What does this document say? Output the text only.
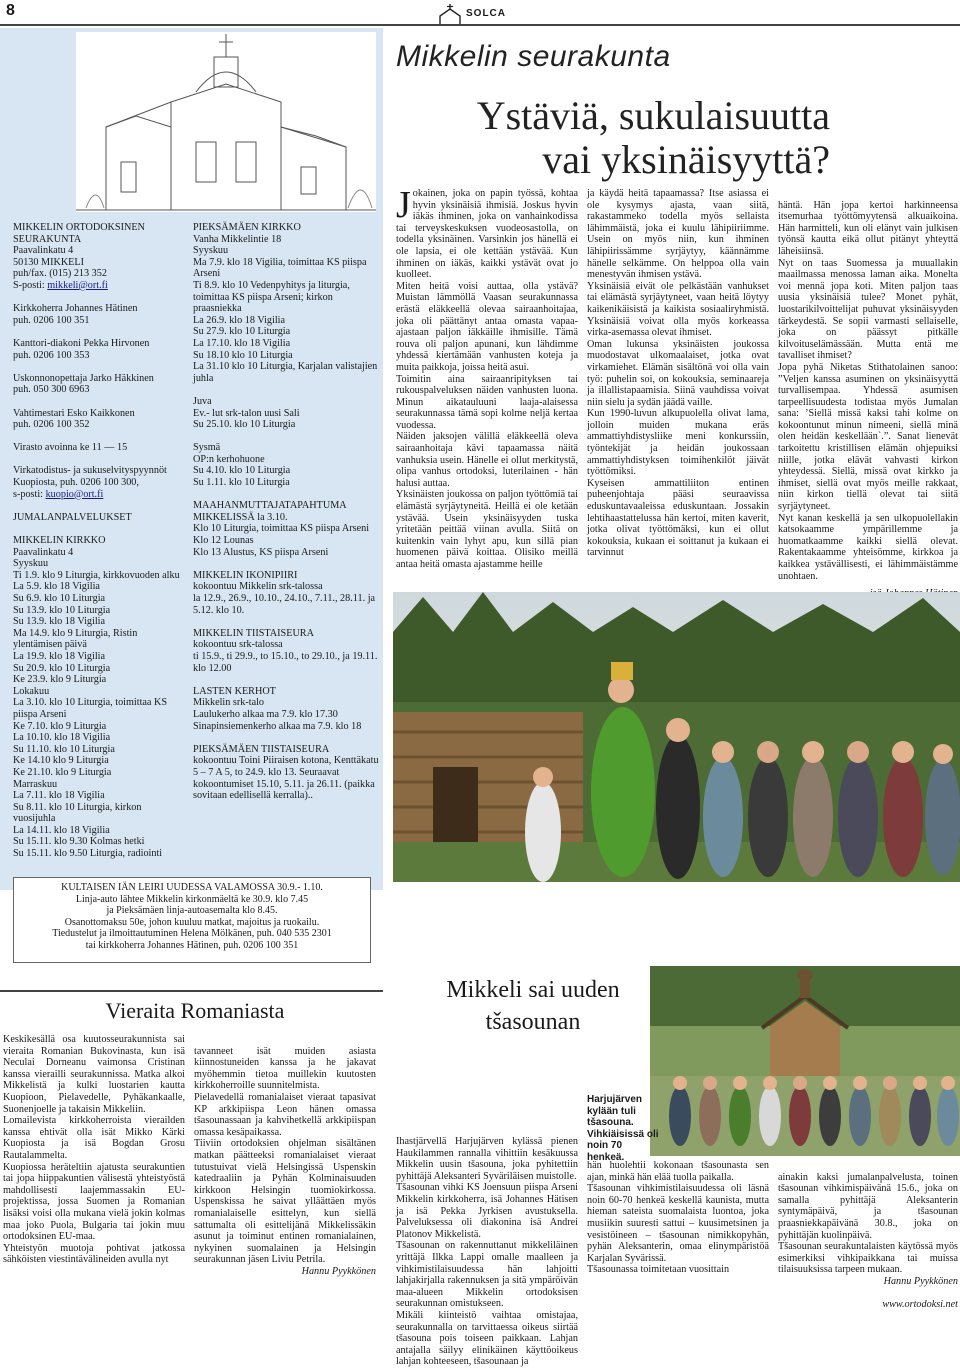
8	SOLCA
MIKKELIN ORTODOKSINEN SEURAKUNTA
Paavalinkatu 4
50130 MIKKELI
puh/fax. (015) 213 352
S-posti: mikkeli@ort.fi
Kirkkoherra Johannes Hätinen
puh. 0206 100 351
Kanttori-diakoni Pekka Hirvonen
puh. 0206 100 353
Uskonnonopettaja Jarko Häkkinen
puh. 050 300 6963
Vahtimestari Esko Kaikkonen
puh. 0206 100 352
Virasto avoinna ke 11 — 15
Virkatodistus- ja sukuselvityspyynnöt Kuopiosta, puh. 0206 100 300,
s-posti: kuopio@ort.fi
JUMALANPALVELUKSET
MIKKELIN KIRKKO
Paavalinkatu 4
Syyskuu
Ti 1.9. klo 9 Liturgia, kirkkovuoden alku
La 5.9. klo 18 Vigilia
Su 6.9. klo 10 Liturgia
Su 13.9. klo 10 Liturgia
Su 13.9. klo 18 Vigilia
Ma 14.9. klo 9 Liturgia, Ristin ylentämisen päivä
La 19.9. klo 18 Vigilia
Su 20.9. klo 10 Liturgia
Ke 23.9. klo 9 Liturgia
Lokakuu
La 3.10. klo 10 Liturgia, toimittaa KS piispa Arseni
Ke 7.10. klo 9 Liturgia
La 10.10. klo 18 Vigilia
Su 11.10. klo 10 Liturgia
Ke 14.10 klo 9 Liturgia
Ke 21.10. klo 9 Liturgia
Marraskuu
La 7.11. klo 18 Vigilia
Su 8.11. klo 10 Liturgia, kirkon vuosijuhla
La 14.11. klo 18 Vigilia
Su 15.11. klo 9.30 Kolmas hetki
Su 15.11. klo 9.50 Liturgia, radiointi
PIEKSÄMÄEN KIRKKO
Vanha Mikkelintie 18
Syyskuu
Ma 7.9. klo 18 Vigilia, toimittaa KS piispa Arseni
Ti 8.9. klo 10 Vedenpyhitys ja liturgia, toimittaa KS piispa Arseni; kirkon praasniekka
La 26.9. klo 18 Vigilia
Su 27.9. klo 10 Liturgia
La 17.10. klo 18 Vigilia
Su 18.10 klo 10 Liturgia
La 31.10 klo 10 Liturgia, Karjalan valistajien juhla
Juva
Ev.- lut srk-talon uusi Sali
Su 25.10. klo 10 Liturgia
Sysmä
OP:n kerhohuone
Su 4.10. klo 10 Liturgia
Su 1.11. klo 10 Liturgia
MAAHANMUTTAJATAPAHTUMA MIKKELISSÄ la 3.10.
Klo 10 Liturgia, toimittaa KS piispa Arseni
Klo 12 Lounas
Klo 13 Alustus, KS piispa Arseni
MIKKELIN IKONIPIIRI
kokoontuu Mikkelin srk-talossa
la 12.9., 26.9., 10.10., 24.10., 7.11., 28.11. ja 5.12. klo 10.
MIKKELIN TIISTAISEURA
kokoontuu srk-talossa
ti 15.9., ti 29.9., to 15.10., to 29.10., ja 19.11. klo 12.00
LASTEN KERHOT
Mikkelin srk-talo
Laulukerho alkaa ma 7.9. klo 17.30
Sinapinsiemenkerho alkaa ma 7.9. klo 18
PIEKSÄMÄEN TIISTAISEURA
kokoontuu Toini Piiraisen kotona, Kenttäkatu 5 – 7 A 5, to 24.9. klo 13. Seuraavat kokoontumiset 15.10, 5.11. ja 26.11. (paikka sovitaan edellisellä kerralla)..
KULTAISEN IÄN LEIRI UUDESSA VALAMOSSA 30.9.- 1.10.
Linja-auto lähtee Mikkelin kirkonmäeltä ke 30.9. klo 7.45
ja Pieksämäen linja-autoasemalta klo 8.45.
Osanottomaksu 50e, johon kuuluu matkat, majoitus ja ruokailu.
Tiedustelut ja ilmoittautuminen Helena Mölkänen, puh. 040 535 2301
tai kirkkoherra Johannes Hätinen, puh. 0206 100 351
Mikkelin seurakunta
Ystäviä, sukulaisuutta vai yksinäisyyttä?
Jokainen, joka on papin työssä, kohtaa hyvin yksinäisiä ihmisiä. Joskus hyvin iäkäs ihminen, joka on vanhainkodissa tai terveyskeskuksen vuodeosastolla, on todella yksinäinen. Varsinkin jos hänellä ei ole lapsia, ei ole kettään ystävää. Kun ihminen on iäkäs, kaikki ystävät ovat jo kuolleet.
Miten heitä voisi auttaa, olla ystävä? Muistan lämmöllä Vaasan seurakunnassa erästä eläkkeellä olevaa sairaanhoitajaa, joka oli päättänyt antaa omasta vapaa-ajastaan paljon iäkkäille ihmisille. Tämä rouva oli paljon apunani, kun lähdimme yhdessä kiertämään vanhusten koteja ja muita paikkoja, joissa heitä asui.
Toimitin aina sairaanripityksen tai rukouspalveluksen näiden vanhusten luona. Minun aikatauluuni laaja-alaisessa seurakunnassa tämä sopi kolme neljä kertaa vuodessa.
Näiden jaksojen välillä eläkkeellä oleva sairaanhoitaja kävi tapaamassa näitä vanhuksia usein. Hänelle ei ollut merkitystä, olipa vanhus ortodoksi, luterilainen - hän halusi auttaa.
Yksinäisten joukossa on paljon työttömiä tai elämästä syrjäytyneitä. Heillä ei ole ketään ystävää. Usein yksinäisyyden tuska yritetään peittää viinan avulla. Siitä on kuitenkin vain lyhyt apu, kun sillä pian huomenen päivä koittaa. Olisiko meillä antaa heitä omasta ajastamme heille
ja käydä heitä tapaamassa? Itse asiassa ei ole kysymys ajasta, vaan siitä, rakastammeko todella myös sellaista lähimmäistä, joka ei kuulu lähipiiriimme. Usein on myös niin, kun ihminen lähipiirissämme syrjäytyy, käännämme hänelle selkämme. On helppoa olla vain menestyvän ihmisen ystävä.
Yksinäisiä eivät ole pelkästään vanhukset tai elämästä syrjäytyneet, vaan heitä löytyy kaikenikäisistä ja kaikista sosiaaliryhmistä. Yksinäisiä voivat olla myös korkeassa virka-asemassa olevat ihmiset.
Oman lukunsa yksinäisten joukossa muodostavat ulkomaalaiset, jotka ovat virkamiehet. Elämän sisältönä voi olla vain työ: puhelin soi, on kokouksia, seminaareja ja illallistapaamisia. Siinä vauhdissa voivat niin sielu ja sydän jäädä vaille.
Kun 1990-luvun alkupuolella olivat lama, jolloin muiden mukana eräs ammattiyhdistysliike meni konkurssiin, työntekijät ja heidän joukossaan ammattiyhdistyksen toimihenkilöt jäivät työttömiksi.
Kyseisen ammattiliiton entinen puheenjohtaja pääsi seuraavissa eduskuntavaaleissa eduskuntaan. Jossakin lehtihaastattelussa hän kertoi, miten kaverit, jotka olivat työttömäksi, kun ei ollut kokouksia, kukaan ei soittanut ja kukaan ei tarvinnut

häntä. Hän jopa kertoi harkinneensa itsemurhaa työttömyytensä alkuaikoina. Hän harmitteli, kun oli elänyt vain julkisen työnsä kautta eikä ollut pitänyt yhteyttä läheisiinsä.
Nyt on taas Suomessa ja muuallakin maailmassa menossa laman aika. Monelta voi mennä jopa koti. Miten paljon taas uusia yksinäisiä tulee? Monet pyhät, luostarikilvoittelijat puhuvat yksinäisyyden tärkeydestä. Se sopii varmasti sellaiselle, joka on päässyt pitkälle kilvoituselämässään. Mutta entä me tavalliset ihmiset?
Jopa pyhä Niketas Stithatolainen sanoo: ”Veljen kanssa asuminen on yksinäisyyttä turvallisempaa. Yhdessä asumisen tarpeellisuudesta todistaa myös Jumalan sana: ’Siellä missä kaksi tahi kolme on kokoontunut minun nimeeni, siellä minä olen heidän keskellään`.”. Sanat lienevät tarkoitettu kristillisen elämän ohjepuiksi niille, jotka elävät vahvasti kirkon yhteydessä. Siellä, missä ovat kirkko ja ihmiset, siellä ovat myös meille rakkaat, niin kirkon tiellä olevat tai siitä syrjäytyneet.
Nyt kanan keskellä ja sen ulkopuolellakin katsokaamme ympärillemme ja huomatkaamme kaikki siellä olevat. Rakentakaamme yhteisömme, kirkkoa ja kaikkea ystävällisesti, ei lähimmäistämme unohtaen.

Vieraita Romaniasta
Keskikesällä osa kuutosseurakunnista sai vieraita Romanian Bukovinasta, kun isä Neculai Dorneanu vaimonsa Cristinan kanssa vierailli seurakunnissa. Matka alkoi Mikkelistä ja kulki luostarien kautta Kuopioon, Pielavedelle, Pyhäkankaalle, Suonenjoelle ja takaisin Mikkeliin.
Lomailevista kirkkoherroista vierailden kanssa ehtivät olla isät Mikko Kärki Kuopiosta ja isä Bogdan Grosu Rautalammelta.
Kuopiossa heräteltiin ajatusta seurakuntien tai jopa hiippakuntien välisestä yhteistyöstä mahdollisesti laajemmassakin EU-projektissa, jossa Suomen ja Romanian lisäksi voisi olla mukana vielä jokin kolmas maa joko Puola, Bulgaria tai jokin muu ortodoksinen EU-maa.
Yhteistyön muotoja pohtivat jatkossa sähköisten viestintävälineiden avulla nyt

tavanneet isät muiden asiasta kiinnostuneiden kanssa ja he jakavat myöhemmin tietoa muillekin kuutosten kirkkoherroille suunnitelmista.
Pielavedellä romanialaiset vieraat tapasivat KP arkkipiispa Leon hänen omassa tšasounassaan ja kahvihetkellä arkkipiispan omassa kesäpaikassa.
Tiiviin ortodoksien ohjelman sisältänen matkan päätteeksi romanialaiset vieraat tutustuivat vielä Helsingissä Uspenskin katedraaliin ja Pyhän Kolminaisuuden kirkkoon Helsingin tuomiokirkossa. Uspenskissa he saivat ylläättäen myös romanialaiselle esittelyn, kun siellä sattumalta oli esittelijänä Mikkelissäkin asunut ja toiminut entinen romanialainen, nykyinen suomalainen ja Helsingin seurakunnan jäsen Liviu Petrila.

Hannu Pyykkönen

Mikkeli sai uuden tšasounan
Harjujärven kylään tuli tšasouna. Vihkiäisissä oli noin 70 henkeä.
Ihastjärvellä Harjujärven kylässä pienen Haukilammen rannalla vihittiin kesäkuussa Mikkelin uusin tšasouna, joka pyhitettiin pyhittäjä Aleksanteri Syväriläisen muistolle.
Tšasounan vihki KS Joensuun piispa Arseni Mikkelin kirkkoherra, isä Johannes Hätisen ja isä Pekka Jyrkisen avustuksella. Palveluksessa oli diakonina isä Andrei Platonov Mikkelistä.
Tšasounan on rakennuttanut mikkeliläinen yrittäjä Ilkka Lappi omalle maalleen ja vihkimistilaisuudessa hän lahjoitti lahjakirjalla rakennuksen ja sitä ympäröivän maa-alueen Mikkelin ortodoksisen seurakunnan omistukseen.
Mikäli kiinteistö vaihtaa omistajaa, seurakunnalla on tarvittaessa oikeus siirtää tšasouna pois toiseen paikkaan. Lahjan antajalla säilyy elinikäinen käyttöoikeus lahjan kohteeseen, tšasounaan ja
hän huolehtii kokonaan tšasounasta sen ajan, minkä hän elää tuolla paikalla.
Tšasounan vihkimistilaisuudessa oli läsnä noin 60-70 henkeä keskellä kaunista, mutta hieman sateista suomalaista luontoa, joka musiikin suuresti sattui – kuusimetsinen ja vesistöineen – tšasounan nimikkopyhän, pyhän Aleksanterin, omaa elinympäristöä Karjalan Syvärissä.
Tšasounassa toimitetaan vuosittain

ainakin kaksi jumalanpalvelusta, toinen tšasounan vihkimispäivänä 15.6., joka on samalla pyhittäjä Aleksanterin syntymäpäivä, ja tšasounan praasniekkapäivänä 30.8., joka on pyhittäjän kuolinpäivä.
Tšasounan seurakuntalaisten käytössä myös esimerkiksi vihkipaikkana tai muissa tilaisuuksissa tarpeen mukaan.

Hannu Pyykkönen

www.ortodoksi.net
